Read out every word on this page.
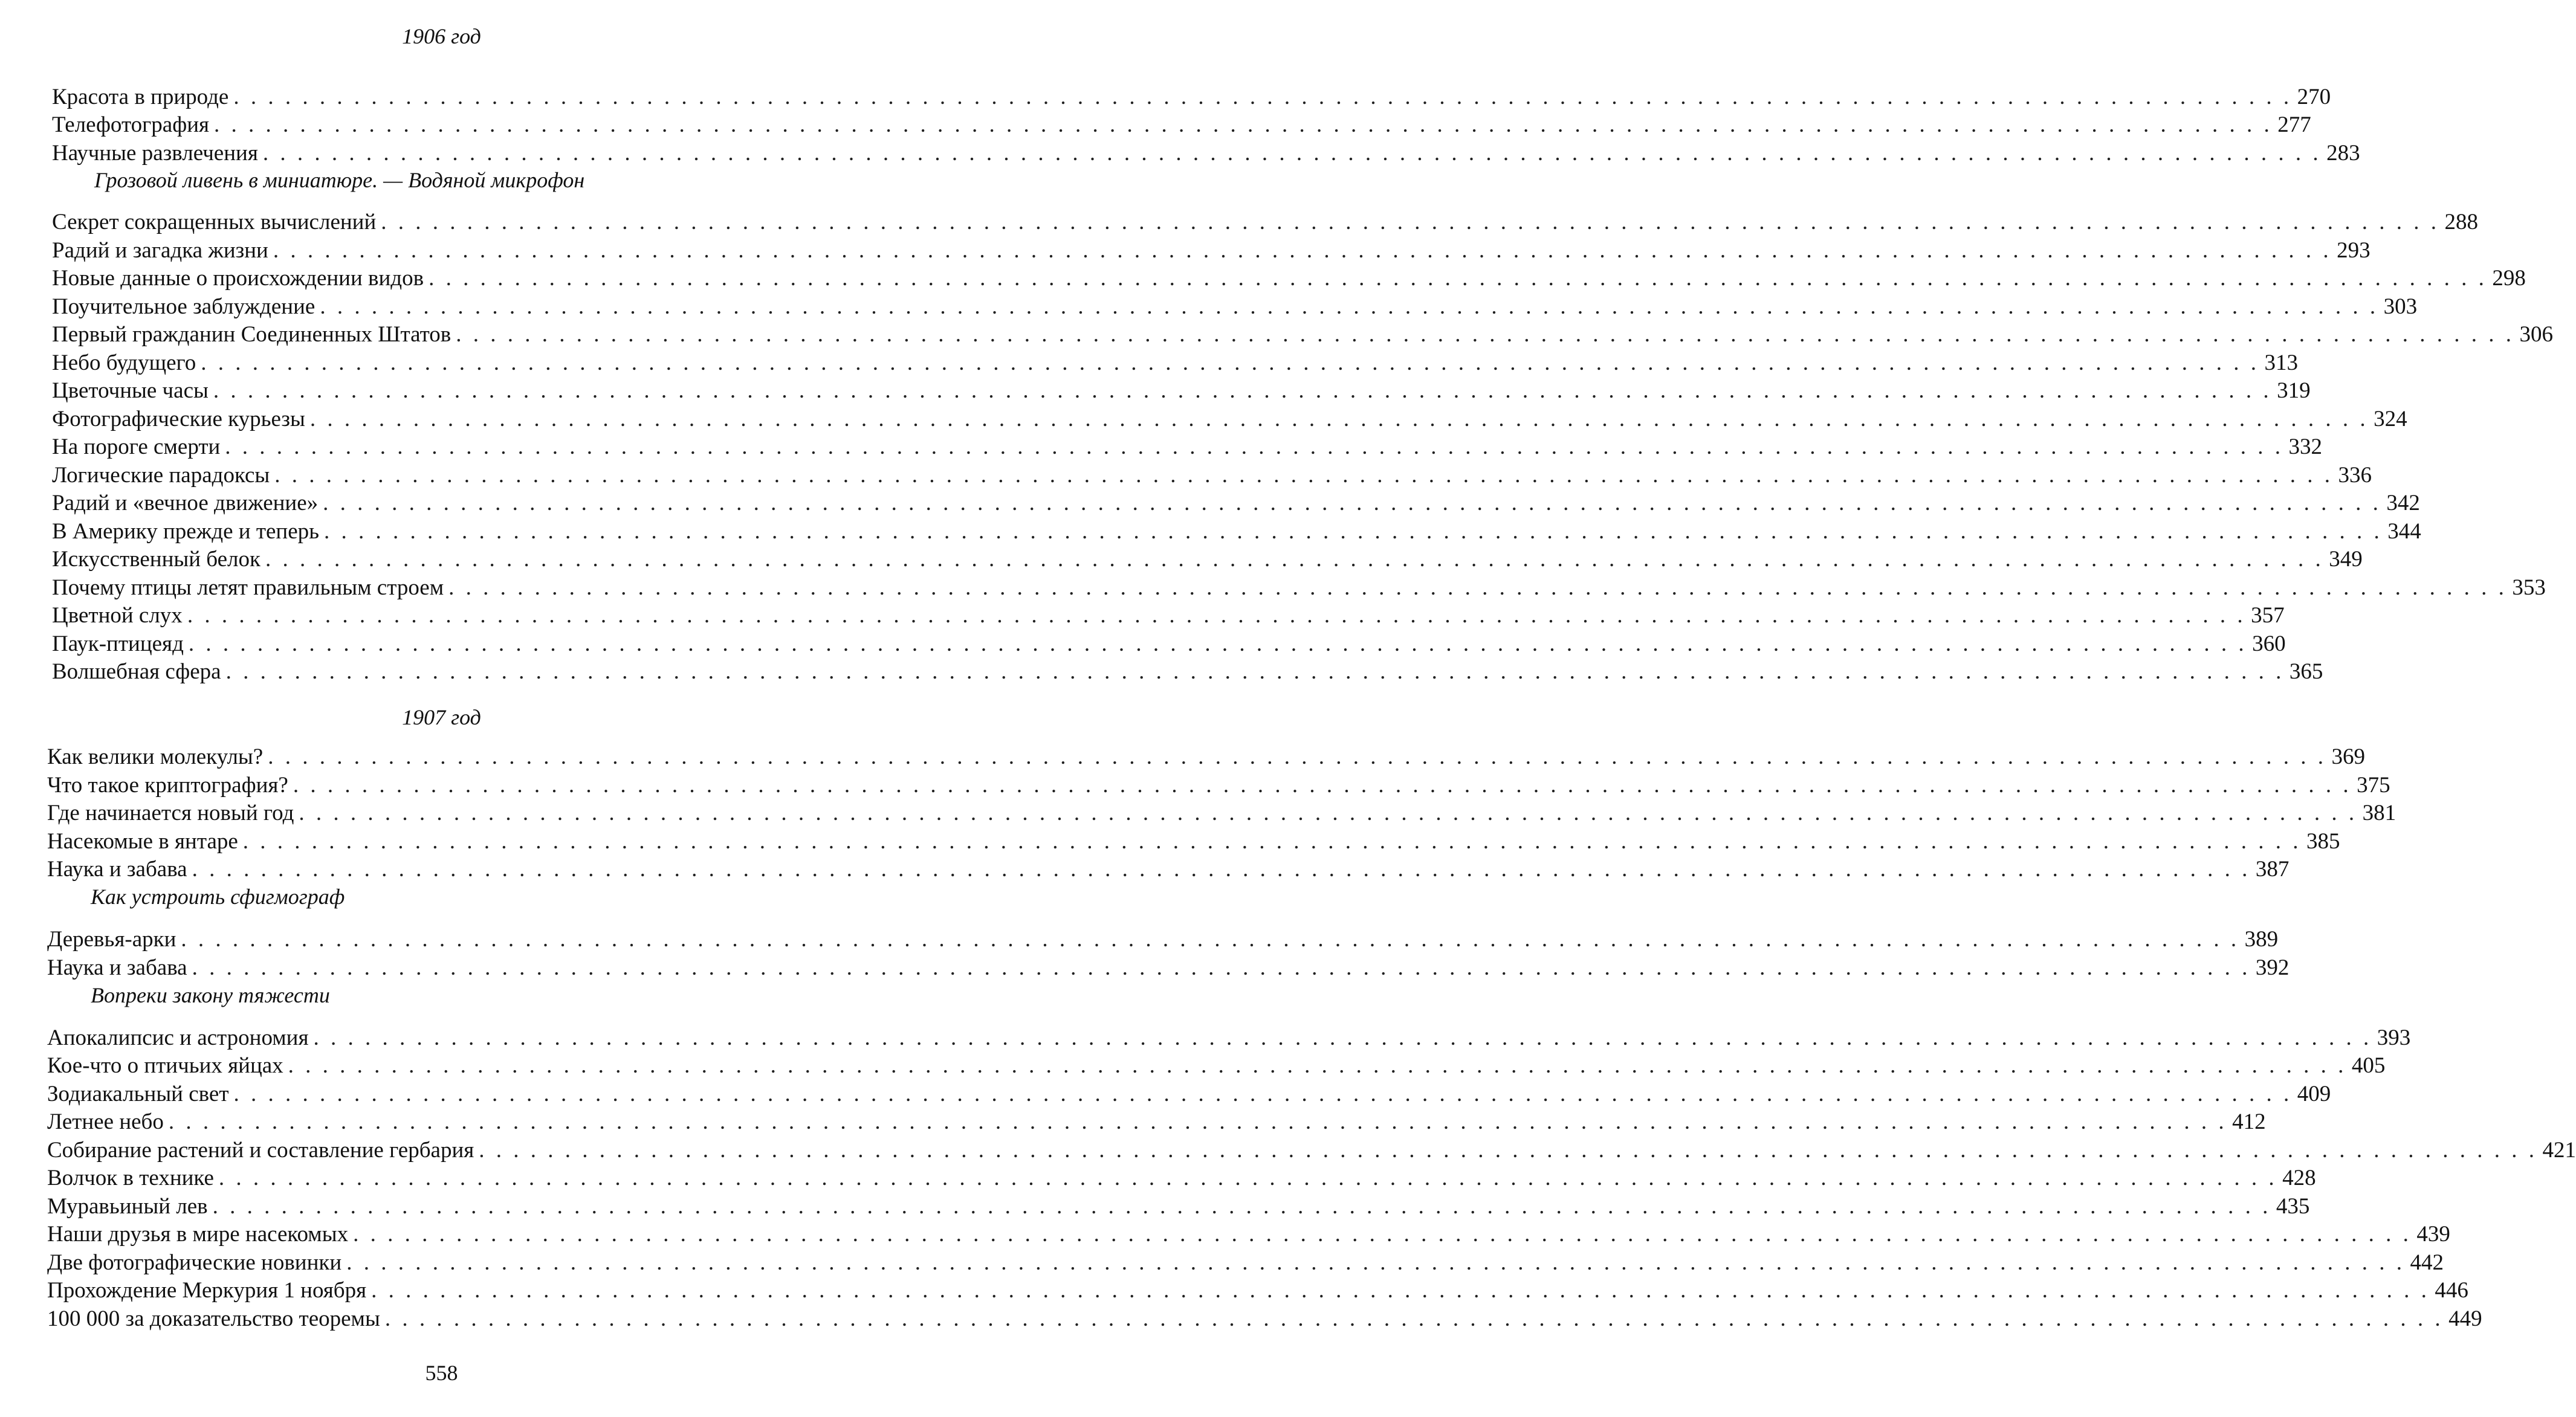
1906 год
Красота в природе . . . . . . . . . . . . . . . . . . . . . . . . . . . . . . . . . . . . . . . . . . . . . . . . . . . . . . . . . . . . . . . . . . . . . . . . . . . . . . . . . . . . . . . . . . . . . . . . . . . . . . . . . . . . . . . . . . . . . . . . 270
Телефотография . . . . . . . . . . . . . . . . . . . . . . . . . . . . . . . . . . . . . . . . . . . . . . . . . . . . . . . . . . . . . . . . . . . . . . . . . . . . . . . . . . . . . . . . . . . . . . . . . . . . . . . . . . . . . . . . . . . . . . . . 277
Научные развлечения . . . . . . . . . . . . . . . . . . . . . . . . . . . . . . . . . . . . . . . . . . . . . . . . . . . . . . . . . . . . . . . . . . . . . . . . . . . . . . . . . . . . . . . . . . . . . . . . . . . . . . . . . . . . . . . . . . . . . . . . 283
Грозовой ливень в миниатюре. — Водяной микрофон
Секрет сокращенных вычислений . . . . . . . . . . . . . . . . . . . . . . . . . . . . . . . . . . . . . . . . . . . . . . . . . . . . . . . . . . . . . . . . . . . . . . . . . . . . . . . . . . . . . . . . . . . . . . . . . . . . . . . . . . . . . . . . . . . . . . . . 288
Радий и загадка жизни . . . . . . . . . . . . . . . . . . . . . . . . . . . . . . . . . . . . . . . . . . . . . . . . . . . . . . . . . . . . . . . . . . . . . . . . . . . . . . . . . . . . . . . . . . . . . . . . . . . . . . . . . . . . . . . . . . . . . . . . 293
Новые данные о происхождении видов . . . . . . . . . . . . . . . . . . . . . . . . . . . . . . . . . . . . . . . . . . . . . . . . . . . . . . . . . . . . . . . . . . . . . . . . . . . . . . . . . . . . . . . . . . . . . . . . . . . . . . . . . . . . . . . . . . . . . . . . 298
Поучительное заблуждение . . . . . . . . . . . . . . . . . . . . . . . . . . . . . . . . . . . . . . . . . . . . . . . . . . . . . . . . . . . . . . . . . . . . . . . . . . . . . . . . . . . . . . . . . . . . . . . . . . . . . . . . . . . . . . . . . . . . . . . . 303
Первый гражданин Соединенных Штатов . . . . . . . . . . . . . . . . . . . . . . . . . . . . . . . . . . . . . . . . . . . . . . . . . . . . . . . . . . . . . . . . . . . . . . . . . . . . . . . . . . . . . . . . . . . . . . . . . . . . . . . . . . . . . . . . . . . . . . . . 306
Небо будущего . . . . . . . . . . . . . . . . . . . . . . . . . . . . . . . . . . . . . . . . . . . . . . . . . . . . . . . . . . . . . . . . . . . . . . . . . . . . . . . . . . . . . . . . . . . . . . . . . . . . . . . . . . . . . . . . . . . . . . . . 313
Цветочные часы . . . . . . . . . . . . . . . . . . . . . . . . . . . . . . . . . . . . . . . . . . . . . . . . . . . . . . . . . . . . . . . . . . . . . . . . . . . . . . . . . . . . . . . . . . . . . . . . . . . . . . . . . . . . . . . . . . . . . . . . 319
Фотографические курьезы . . . . . . . . . . . . . . . . . . . . . . . . . . . . . . . . . . . . . . . . . . . . . . . . . . . . . . . . . . . . . . . . . . . . . . . . . . . . . . . . . . . . . . . . . . . . . . . . . . . . . . . . . . . . . . . . . . . . . . . . 324
На пороге смерти . . . . . . . . . . . . . . . . . . . . . . . . . . . . . . . . . . . . . . . . . . . . . . . . . . . . . . . . . . . . . . . . . . . . . . . . . . . . . . . . . . . . . . . . . . . . . . . . . . . . . . . . . . . . . . . . . . . . . . . . 332
Логические парадоксы . . . . . . . . . . . . . . . . . . . . . . . . . . . . . . . . . . . . . . . . . . . . . . . . . . . . . . . . . . . . . . . . . . . . . . . . . . . . . . . . . . . . . . . . . . . . . . . . . . . . . . . . . . . . . . . . . . . . . . . . 336
Радий и «вечное движение» . . . . . . . . . . . . . . . . . . . . . . . . . . . . . . . . . . . . . . . . . . . . . . . . . . . . . . . . . . . . . . . . . . . . . . . . . . . . . . . . . . . . . . . . . . . . . . . . . . . . . . . . . . . . . . . . . . . . . . . . 342
В Америку прежде и теперь . . . . . . . . . . . . . . . . . . . . . . . . . . . . . . . . . . . . . . . . . . . . . . . . . . . . . . . . . . . . . . . . . . . . . . . . . . . . . . . . . . . . . . . . . . . . . . . . . . . . . . . . . . . . . . . . . . . . . . . . 344
Искусственный белок . . . . . . . . . . . . . . . . . . . . . . . . . . . . . . . . . . . . . . . . . . . . . . . . . . . . . . . . . . . . . . . . . . . . . . . . . . . . . . . . . . . . . . . . . . . . . . . . . . . . . . . . . . . . . . . . . . . . . . . . 349
Почему птицы летят правильным строем . . . . . . . . . . . . . . . . . . . . . . . . . . . . . . . . . . . . . . . . . . . . . . . . . . . . . . . . . . . . . . . . . . . . . . . . . . . . . . . . . . . . . . . . . . . . . . . . . . . . . . . . . . . . . . . . . . . . . . . . 353
Цветной слух . . . . . . . . . . . . . . . . . . . . . . . . . . . . . . . . . . . . . . . . . . . . . . . . . . . . . . . . . . . . . . . . . . . . . . . . . . . . . . . . . . . . . . . . . . . . . . . . . . . . . . . . . . . . . . . . . . . . . . . . 357
Паук-птицеяд . . . . . . . . . . . . . . . . . . . . . . . . . . . . . . . . . . . . . . . . . . . . . . . . . . . . . . . . . . . . . . . . . . . . . . . . . . . . . . . . . . . . . . . . . . . . . . . . . . . . . . . . . . . . . . . . . . . . . . . . 360
Волшебная сфера . . . . . . . . . . . . . . . . . . . . . . . . . . . . . . . . . . . . . . . . . . . . . . . . . . . . . . . . . . . . . . . . . . . . . . . . . . . . . . . . . . . . . . . . . . . . . . . . . . . . . . . . . . . . . . . . . . . . . . . . 365
1907 год
Как велики молекулы? . . . . . . . . . . . . . . . . . . . . . . . . . . . . . . . . . . . . . . . . . . . . . . . . . . . . . . . . . . . . . . . . . . . . . . . . . . . . . . . . . . . . . . . . . . . . . . . . . . . . . . . . . . . . . . . . . . . . . . . . 369
Что такое криптография? . . . . . . . . . . . . . . . . . . . . . . . . . . . . . . . . . . . . . . . . . . . . . . . . . . . . . . . . . . . . . . . . . . . . . . . . . . . . . . . . . . . . . . . . . . . . . . . . . . . . . . . . . . . . . . . . . . . . . . . . 375
Где начинается новый год . . . . . . . . . . . . . . . . . . . . . . . . . . . . . . . . . . . . . . . . . . . . . . . . . . . . . . . . . . . . . . . . . . . . . . . . . . . . . . . . . . . . . . . . . . . . . . . . . . . . . . . . . . . . . . . . . . . . . . . . 381
Насекомые в янтаре . . . . . . . . . . . . . . . . . . . . . . . . . . . . . . . . . . . . . . . . . . . . . . . . . . . . . . . . . . . . . . . . . . . . . . . . . . . . . . . . . . . . . . . . . . . . . . . . . . . . . . . . . . . . . . . . . . . . . . . . 385
Наука и забава . . . . . . . . . . . . . . . . . . . . . . . . . . . . . . . . . . . . . . . . . . . . . . . . . . . . . . . . . . . . . . . . . . . . . . . . . . . . . . . . . . . . . . . . . . . . . . . . . . . . . . . . . . . . . . . . . . . . . . . . 387
Как устроить сфигмограф
Деревья-арки . . . . . . . . . . . . . . . . . . . . . . . . . . . . . . . . . . . . . . . . . . . . . . . . . . . . . . . . . . . . . . . . . . . . . . . . . . . . . . . . . . . . . . . . . . . . . . . . . . . . . . . . . . . . . . . . . . . . . . . . 389
Наука и забава . . . . . . . . . . . . . . . . . . . . . . . . . . . . . . . . . . . . . . . . . . . . . . . . . . . . . . . . . . . . . . . . . . . . . . . . . . . . . . . . . . . . . . . . . . . . . . . . . . . . . . . . . . . . . . . . . . . . . . . . 392
Вопреки закону тяжести
Апокалипсис и астрономия . . . . . . . . . . . . . . . . . . . . . . . . . . . . . . . . . . . . . . . . . . . . . . . . . . . . . . . . . . . . . . . . . . . . . . . . . . . . . . . . . . . . . . . . . . . . . . . . . . . . . . . . . . . . . . . . . . . . . . . . 393
Кое-что о птичьих яйцах . . . . . . . . . . . . . . . . . . . . . . . . . . . . . . . . . . . . . . . . . . . . . . . . . . . . . . . . . . . . . . . . . . . . . . . . . . . . . . . . . . . . . . . . . . . . . . . . . . . . . . . . . . . . . . . . . . . . . . . . 405
Зодиакальный свет . . . . . . . . . . . . . . . . . . . . . . . . . . . . . . . . . . . . . . . . . . . . . . . . . . . . . . . . . . . . . . . . . . . . . . . . . . . . . . . . . . . . . . . . . . . . . . . . . . . . . . . . . . . . . . . . . . . . . . . . 409
Летнее небо . . . . . . . . . . . . . . . . . . . . . . . . . . . . . . . . . . . . . . . . . . . . . . . . . . . . . . . . . . . . . . . . . . . . . . . . . . . . . . . . . . . . . . . . . . . . . . . . . . . . . . . . . . . . . . . . . . . . . . . . 412
Собирание растений и составление гербария . . . . . . . . . . . . . . . . . . . . . . . . . . . . . . . . . . . . . . . . . . . . . . . . . . . . . . . . . . . . . . . . . . . . . . . . . . . . . . . . . . . . . . . . . . . . . . . . . . . . . . . . . . . . . . . . . . . . . . . . 421
Волчок в технике . . . . . . . . . . . . . . . . . . . . . . . . . . . . . . . . . . . . . . . . . . . . . . . . . . . . . . . . . . . . . . . . . . . . . . . . . . . . . . . . . . . . . . . . . . . . . . . . . . . . . . . . . . . . . . . . . . . . . . . . 428
Муравьиный лев . . . . . . . . . . . . . . . . . . . . . . . . . . . . . . . . . . . . . . . . . . . . . . . . . . . . . . . . . . . . . . . . . . . . . . . . . . . . . . . . . . . . . . . . . . . . . . . . . . . . . . . . . . . . . . . . . . . . . . . . 435
Наши друзья в мире насекомых . . . . . . . . . . . . . . . . . . . . . . . . . . . . . . . . . . . . . . . . . . . . . . . . . . . . . . . . . . . . . . . . . . . . . . . . . . . . . . . . . . . . . . . . . . . . . . . . . . . . . . . . . . . . . . . . . . . . . . . . 439
Две фотографические новинки . . . . . . . . . . . . . . . . . . . . . . . . . . . . . . . . . . . . . . . . . . . . . . . . . . . . . . . . . . . . . . . . . . . . . . . . . . . . . . . . . . . . . . . . . . . . . . . . . . . . . . . . . . . . . . . . . . . . . . . . 442
Прохождение Меркурия 1 ноября . . . . . . . . . . . . . . . . . . . . . . . . . . . . . . . . . . . . . . . . . . . . . . . . . . . . . . . . . . . . . . . . . . . . . . . . . . . . . . . . . . . . . . . . . . . . . . . . . . . . . . . . . . . . . . . . . . . . . . . . 446
100 000 за доказательство теоремы . . . . . . . . . . . . . . . . . . . . . . . . . . . . . . . . . . . . . . . . . . . . . . . . . . . . . . . . . . . . . . . . . . . . . . . . . . . . . . . . . . . . . . . . . . . . . . . . . . . . . . . . . . . . . . . . . . . . . . . . 449
558
